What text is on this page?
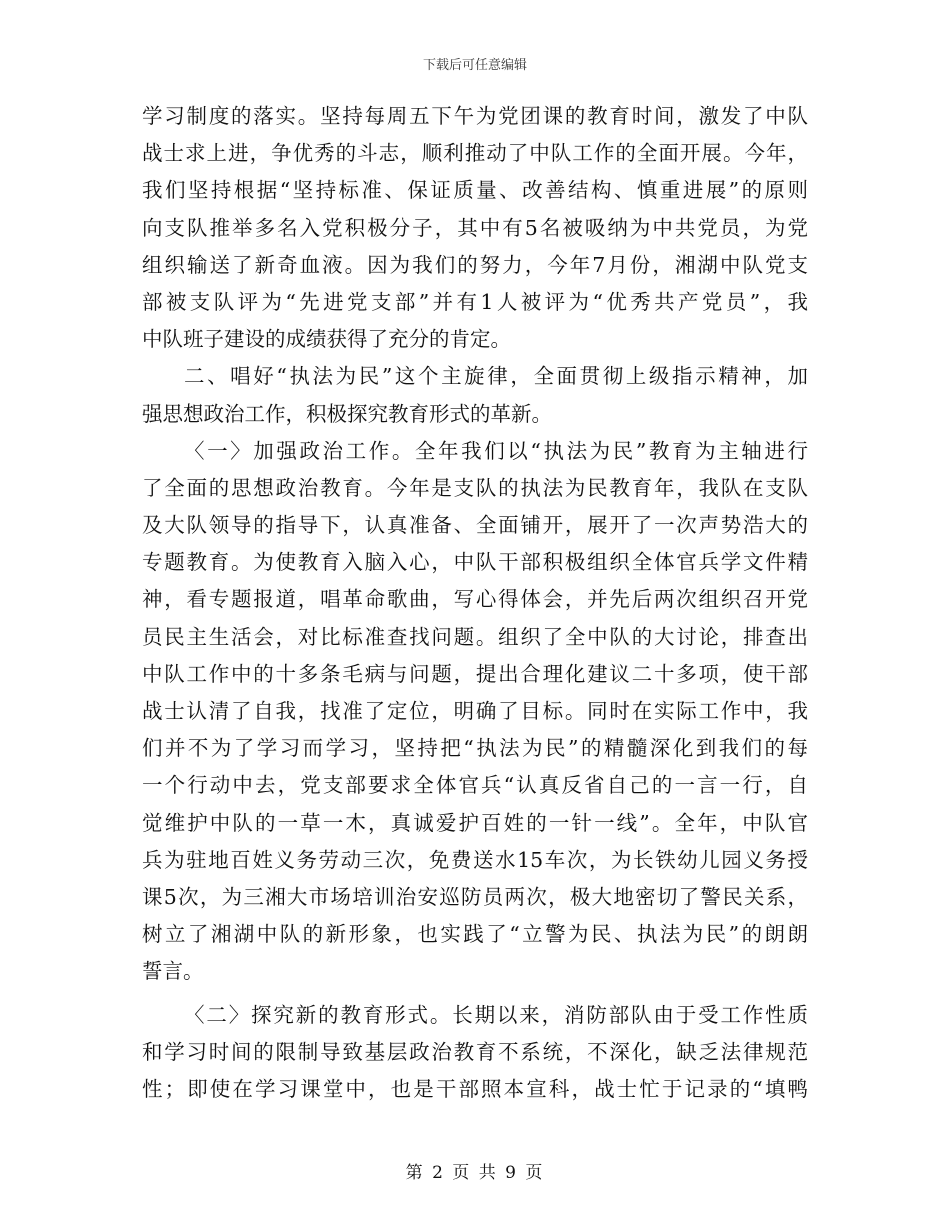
下载后可任意编辑
学习制度的落实。坚持每周五下午为党团课的教育时间，激发了中队
战士求上进，争优秀的斗志，顺利推动了中队工作的全面开展。今年，
我们坚持根据“坚持标准、保证质量、改善结构、慎重进展”的原则
向支队推举多名入党积极分子，其中有5名被吸纳为中共党员，为党
组织输送了新奇血液。因为我们的努力，今年7月份，湘湖中队党支
部被支队评为“先进党支部”并有1人被评为“优秀共产党员”，我
中队班子建设的成绩获得了充分的肯定。
二、唱好“执法为民”这个主旋律，全面贯彻上级指示精神，加
强思想政治工作，积极探究教育形式的革新。
〈一〉加强政治工作。全年我们以“执法为民”教育为主轴进行
了全面的思想政治教育。今年是支队的执法为民教育年，我队在支队
及大队领导的指导下，认真准备、全面铺开，展开了一次声势浩大的
专题教育。为使教育入脑入心，中队干部积极组织全体官兵学文件精
神，看专题报道，唱革命歌曲，写心得体会，并先后两次组织召开党
员民主生活会，对比标准查找问题。组织了全中队的大讨论，排查出
中队工作中的十多条毛病与问题，提出合理化建议二十多项，使干部
战士认清了自我，找准了定位，明确了目标。同时在实际工作中，我
们并不为了学习而学习，坚持把“执法为民”的精髓深化到我们的每
一个行动中去，党支部要求全体官兵“认真反省自己的一言一行，自
觉维护中队的一草一木，真诚爱护百姓的一针一线”。全年，中队官
兵为驻地百姓义务劳动三次，免费送水15车次，为长铁幼儿园义务授
课5次，为三湘大市场培训治安巡防员两次，极大地密切了警民关系，
树立了湘湖中队的新形象，也实践了“立警为民、执法为民”的朗朗
誓言。
〈二〉探究新的教育形式。长期以来，消防部队由于受工作性质
和学习时间的限制导致基层政治教育不系统，不深化，缺乏法律规范
性；即使在学习课堂中，也是干部照本宣科，战士忙于记录的“填鸭
第 2 页 共 9 页
